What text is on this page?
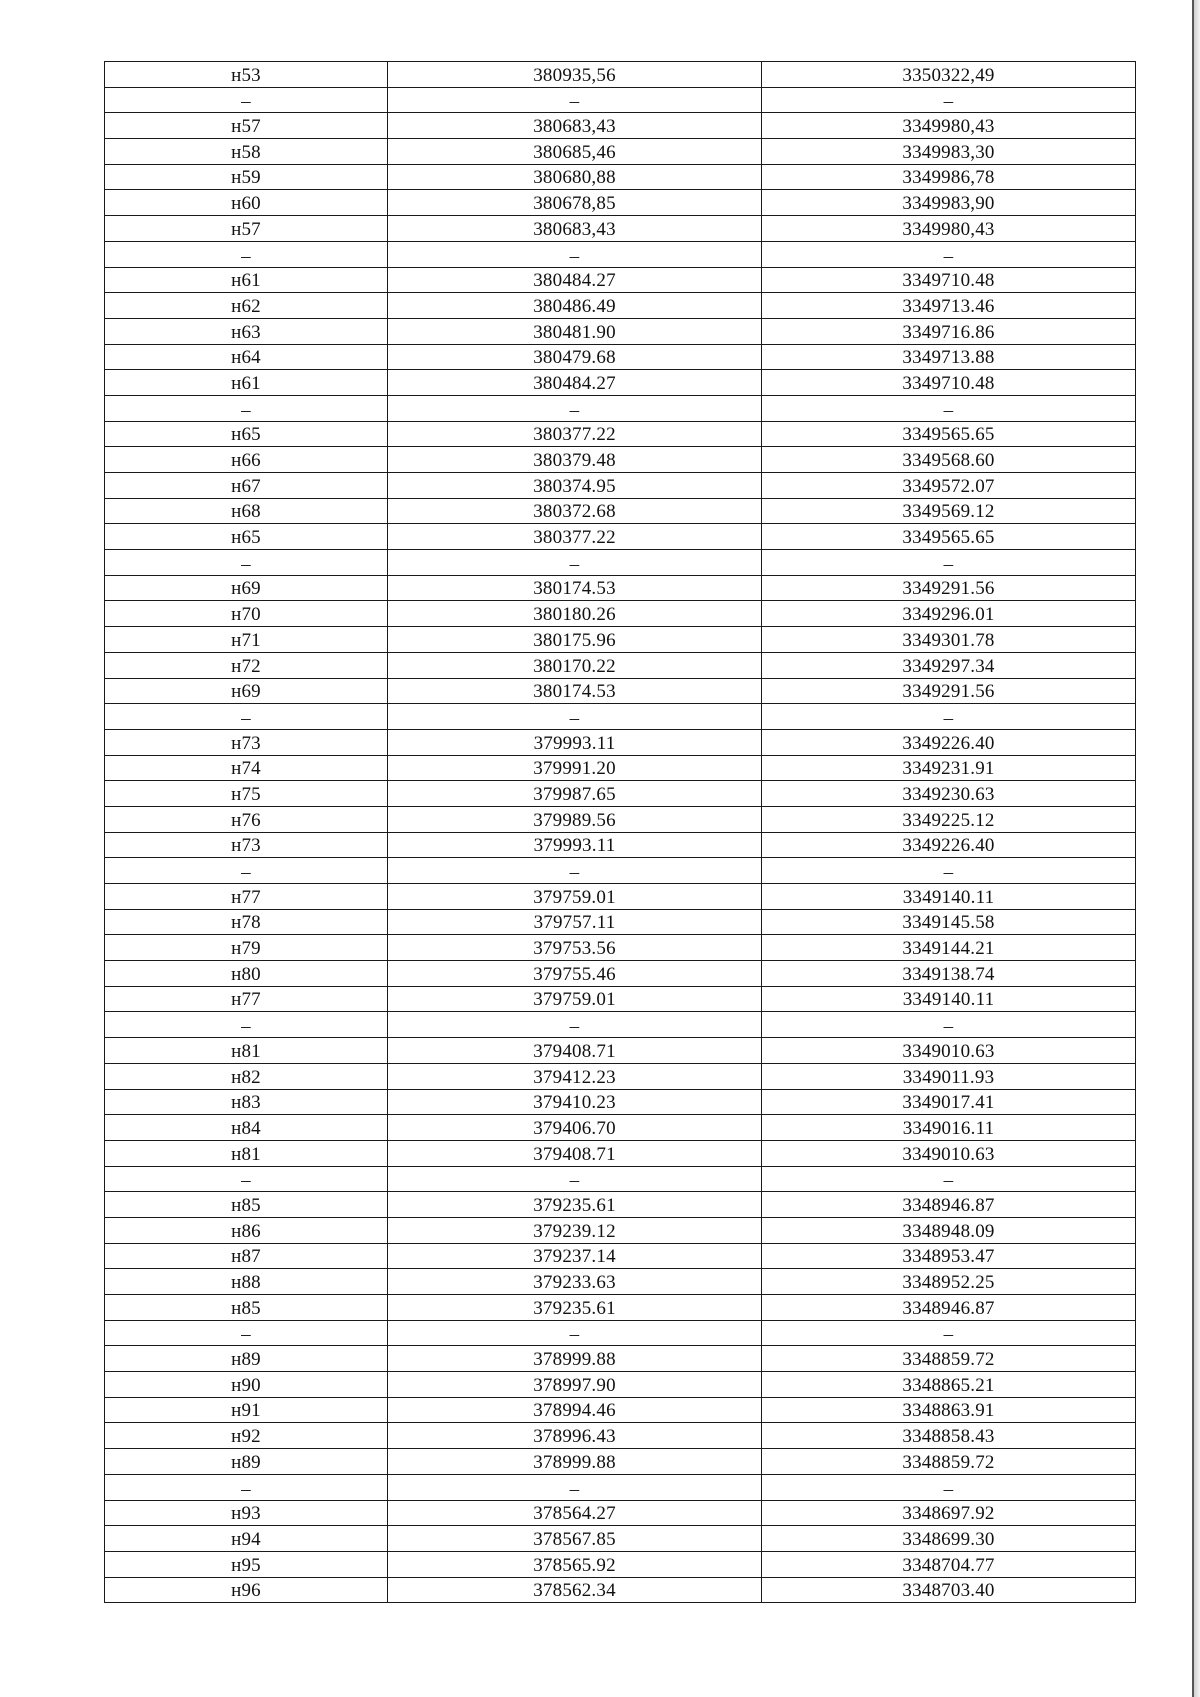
н53	380935,56	3350322,49
–	–	–
н57	380683,43	3349980,43
н58	380685,46	3349983,30
н59	380680,88	3349986,78
н60	380678,85	3349983,90
н57	380683,43	3349980,43
–	–	–
н61	380484.27	3349710.48
н62	380486.49	3349713.46
н63	380481.90	3349716.86
н64	380479.68	3349713.88
н61	380484.27	3349710.48
–	–	–
н65	380377.22	3349565.65
н66	380379.48	3349568.60
н67	380374.95	3349572.07
н68	380372.68	3349569.12
н65	380377.22	3349565.65
–	–	–
н69	380174.53	3349291.56
н70	380180.26	3349296.01
н71	380175.96	3349301.78
н72	380170.22	3349297.34
н69	380174.53	3349291.56
–	–	–
н73	379993.11	3349226.40
н74	379991.20	3349231.91
н75	379987.65	3349230.63
н76	379989.56	3349225.12
н73	379993.11	3349226.40
–	–	–
н77	379759.01	3349140.11
н78	379757.11	3349145.58
н79	379753.56	3349144.21
н80	379755.46	3349138.74
н77	379759.01	3349140.11
–	–	–
н81	379408.71	3349010.63
н82	379412.23	3349011.93
н83	379410.23	3349017.41
н84	379406.70	3349016.11
н81	379408.71	3349010.63
–	–	–
н85	379235.61	3348946.87
н86	379239.12	3348948.09
н87	379237.14	3348953.47
н88	379233.63	3348952.25
н85	379235.61	3348946.87
–	–	–
н89	378999.88	3348859.72
н90	378997.90	3348865.21
н91	378994.46	3348863.91
н92	378996.43	3348858.43
н89	378999.88	3348859.72
–	–	–
н93	378564.27	3348697.92
н94	378567.85	3348699.30
н95	378565.92	3348704.77
н96	378562.34	3348703.40
